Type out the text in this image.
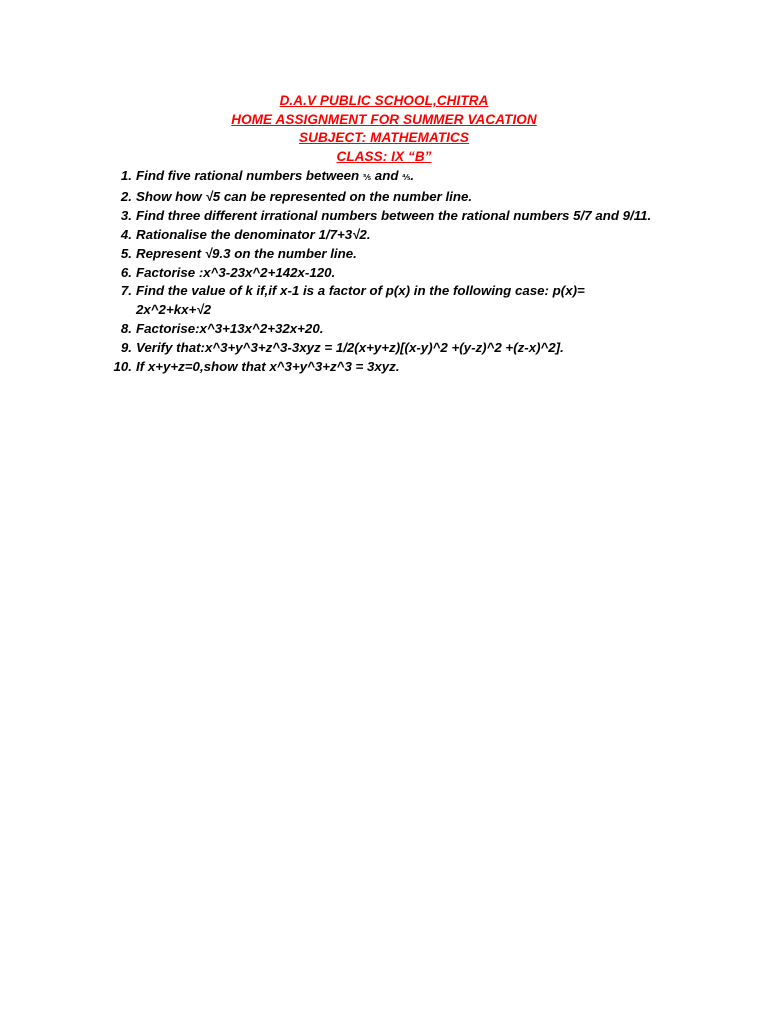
D.A.V PUBLIC SCHOOL,CHITRA
HOME ASSIGNMENT FOR SUMMER VACATION
SUBJECT: MATHEMATICS
CLASS: IX “B”
1. Find five rational numbers between ⅗ and ⅘.
2. Show how √5 can be represented on the number line.
3. Find three different irrational numbers between the rational numbers 5/7 and 9/11.
4. Rationalise the denominator 1/7+3√2.
5. Represent √9.3 on the number line.
6. Factorise :x^3-23x^2+142x-120.
7. Find the value of k if,if x-1 is a factor of p(x) in the following case: p(x)= 2x^2+kx+√2
8. Factorise:x^3+13x^2+32x+20.
9. Verify that:x^3+y^3+z^3-3xyz = 1/2(x+y+z)[(x-y)^2 +(y-z)^2 +(z-x)^2].
10. If x+y+z=0,show that x^3+y^3+z^3 = 3xyz.
